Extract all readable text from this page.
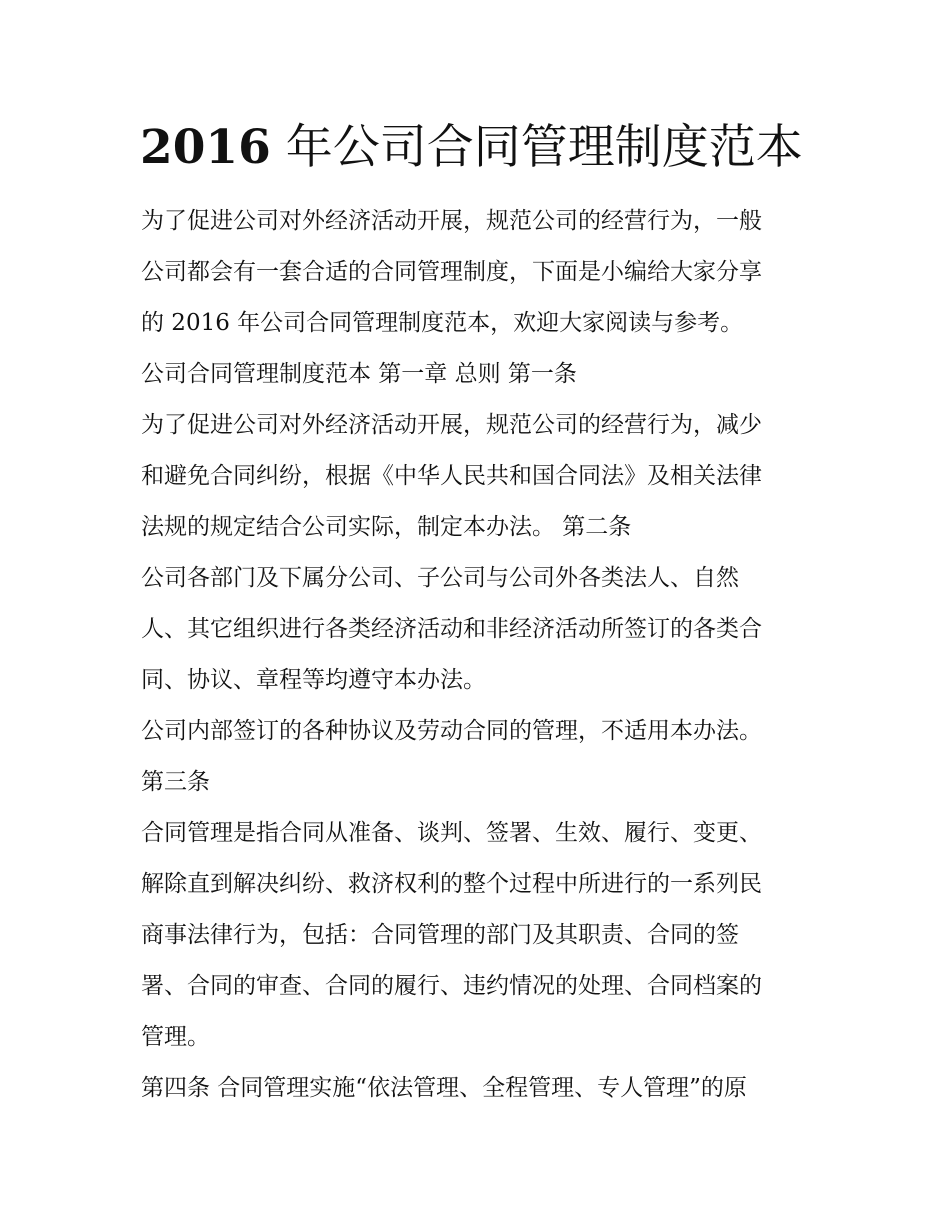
2016 年公司合同管理制度范本
为了促进公司对外经济活动开展，规范公司的经营行为，一般
公司都会有一套合适的合同管理制度，下面是小编给大家分享
的 2016 年公司合同管理制度范本，欢迎大家阅读与参考。
公司合同管理制度范本 第一章 总则 第一条
为了促进公司对外经济活动开展，规范公司的经营行为，减少
和避免合同纠纷，根据《中华人民共和国合同法》及相关法律
法规的规定结合公司实际，制定本办法。 第二条
公司各部门及下属分公司、子公司与公司外各类法人、自然
人、其它组织进行各类经济活动和非经济活动所签订的各类合
同、协议、章程等均遵守本办法。
公司内部签订的各种协议及劳动合同的管理，不适用本办法。
第三条
合同管理是指合同从准备、谈判、签署、生效、履行、变更、
解除直到解决纠纷、救济权利的整个过程中所进行的一系列民
商事法律行为，包括：合同管理的部门及其职责、合同的签
署、合同的审查、合同的履行、违约情况的处理、合同档案的
管理。
第四条 合同管理实施“依法管理、全程管理、专人管理”的原
